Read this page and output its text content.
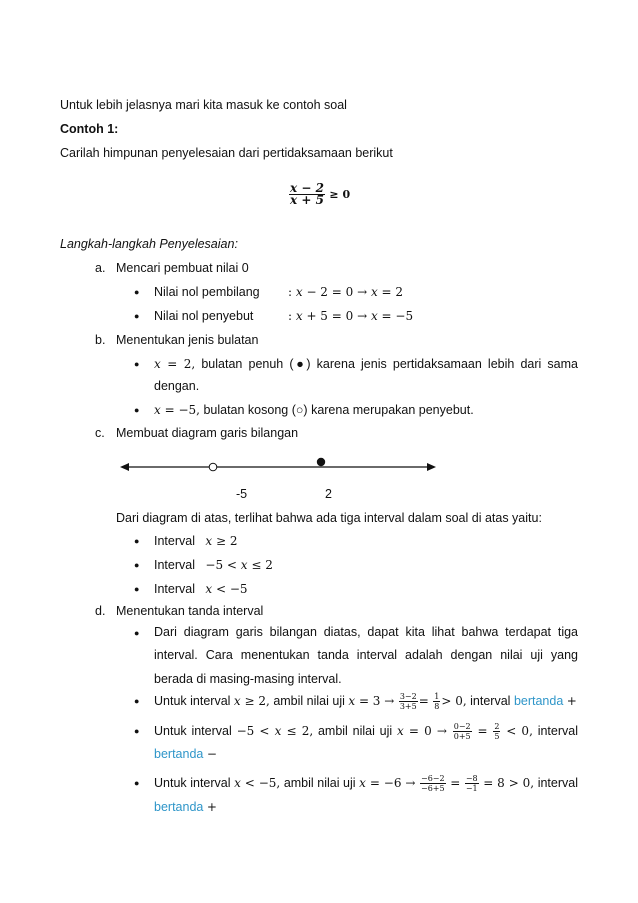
Untuk lebih jelasnya mari kita masuk ke contoh soal
Contoh 1:
Carilah himpunan penyelesaian dari pertidaksamaan berikut
$\frac{x - 2}{x + 5} \ge 0$
Langkah-langkah Penyelesaian:
a. Mencari pembuat nilai 0
● Nilai nol pembilang : 𝑥 − 2 = 0 → 𝑥 = 2
● Nilai nol penyebut	: 𝑥 + 5 = 0 → 𝑥 = −5
b. Menentukan jenis bulatan
● 𝑥 = 2, bulatan penuh (●) karena jenis pertidaksamaan lebih dari sama
dengan.
● 𝑥 = −5, bulatan kosong (○) karena merupakan penyebut.
c. Membuat diagram garis bilangan
-5	2
Dari diagram di atas, terlihat bahwa ada tiga interval dalam soal di atas yaitu:
● Interval 𝑥 ≥ 2
● Interval −5 < 𝑥 ≤ 2
● Interval 𝑥 < −5
d. Menentukan tanda interval
● Dari diagram garis bilangan diatas, dapat kita lihat bahwa terdapat tiga
interval. Cara menentukan tanda interval adalah dengan nilai uji yang
berada di masing-masing interval.
● Untuk interval 𝑥 ≥ 2, ambil nilai uji 𝑥 = $3 \to \frac{3-2}{3+5} = \frac{1}{8} > 0$, interval bertanda +
● Untuk interval −5 < 𝑥 ≤ 2, ambil nilai uji 𝑥 = $0 \to \frac{0-2}{0+5} = \frac{2}{5} < 0$, interval
bertanda −
● Untuk interval 𝑥 < −5, ambil nilai uji 𝑥 = $-6 \to \frac{-6-2}{-6+5} = \frac{-8}{-1} = 8 > 0$, interval
bertanda +
